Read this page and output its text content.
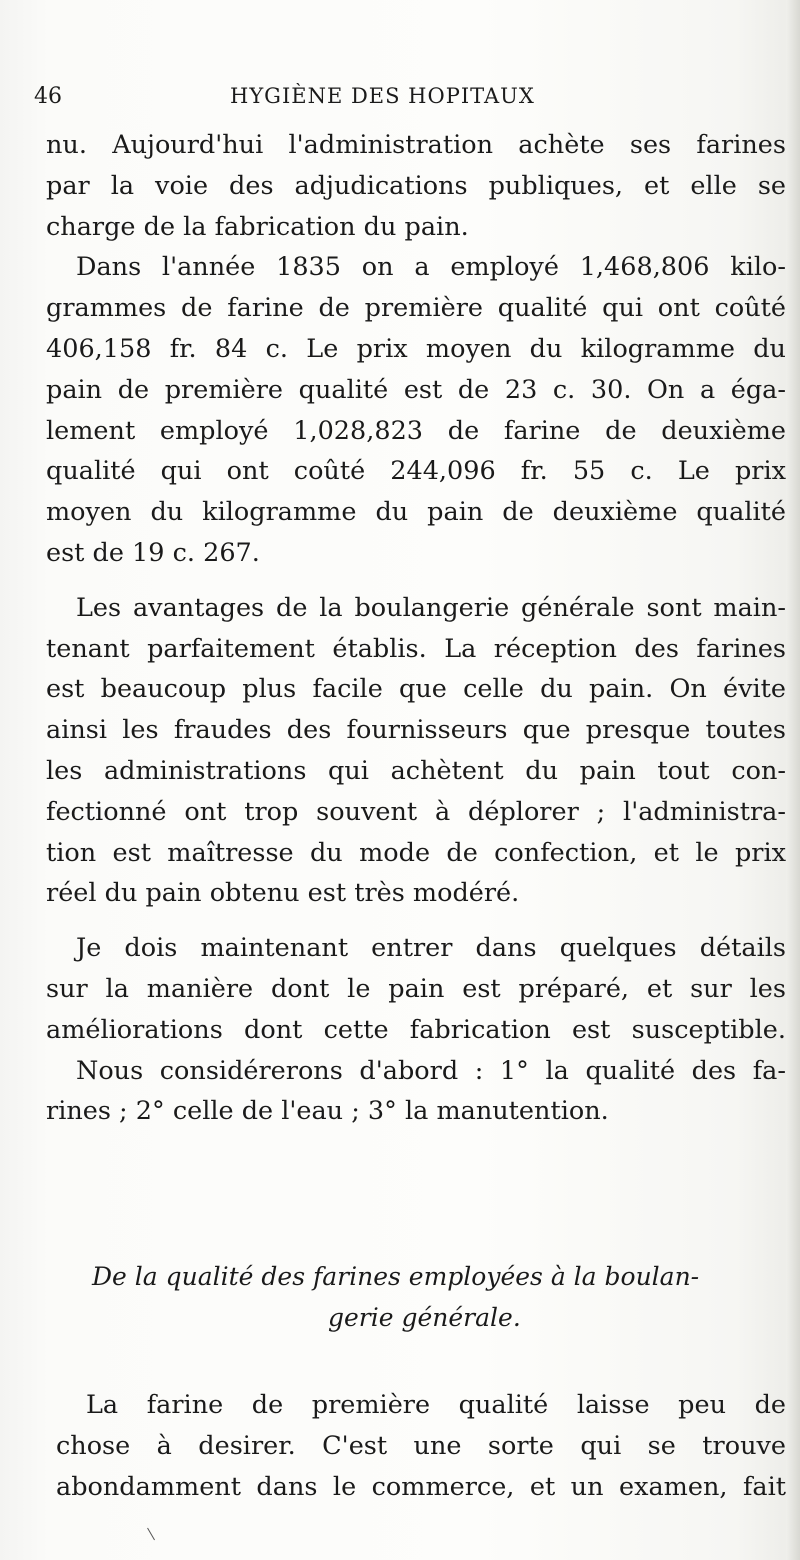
46	HYGIÈNE DES HOPITAUX
nu. Aujourd'hui l'administration achète ses farines
par la voie des adjudications publiques, et elle se
charge de la fabrication du pain.
Dans l'année 1835 on a employé 1,468,806 kilo-
grammes de farine de première qualité qui ont coûté
406,158 fr. 84 c. Le prix moyen du kilogramme du
pain de première qualité est de 23 c. 30. On a éga-
lement employé 1,028,823 de farine de deuxième
qualité qui ont coûté 244,096 fr. 55 c. Le prix
moyen du kilogramme du pain de deuxième qualité
est de 19 c. 267.
Les avantages de la boulangerie générale sont main-
tenant parfaitement établis. La réception des farines
est beaucoup plus facile que celle du pain. On évite
ainsi les fraudes des fournisseurs que presque toutes
les administrations qui achètent du pain tout con-
fectionné ont trop souvent à déplorer ; l'administra-
tion est maîtresse du mode de confection, et le prix
réel du pain obtenu est très modéré.
Je dois maintenant entrer dans quelques détails
sur la manière dont le pain est préparé, et sur les
améliorations dont cette fabrication est susceptible.
Nous considérerons d'abord : 1° la qualité des fa-
rines ; 2° celle de l'eau ; 3° la manutention.
De la qualité des farines employées à la boulan-
gerie générale.
La farine de première qualité laisse peu de
chose à desirer. C'est une sorte qui se trouve
abondamment dans le commerce, et un examen, fait
